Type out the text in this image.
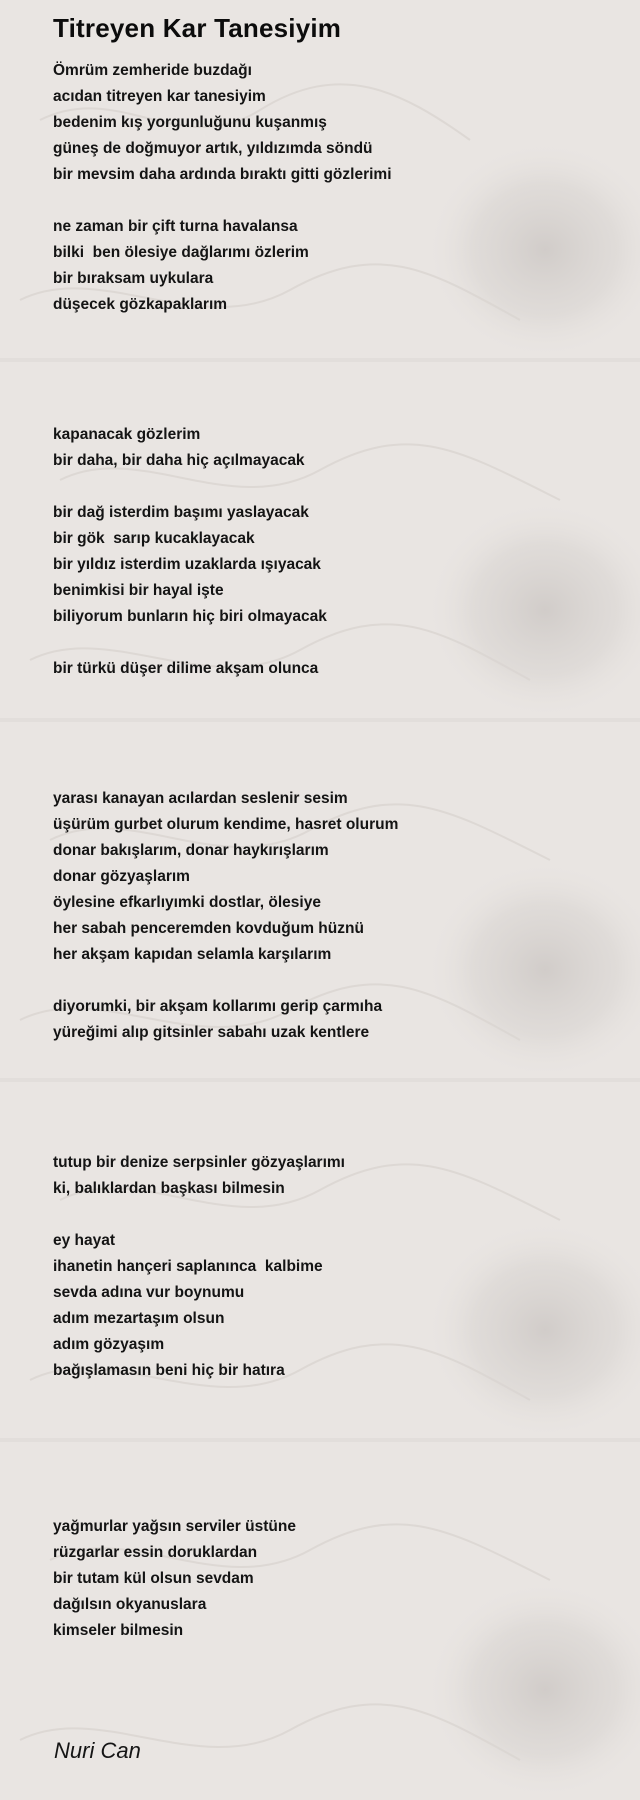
Titreyen Kar Tanesiyim
Ömrüm zemheride buzdağı
acıdan titreyen kar tanesiyim
bedenim kış yorgunluğunu kuşanmış
güneş de doğmuyor artık, yıldızımda söndü
bir mevsim daha ardında bıraktı gitti gözlerimi
ne zaman bir çift turna havalansa
bilki  ben ölesiye dağlarımı özlerim
bir bıraksam uykulara
düşecek gözkapaklarım
kapanacak gözlerim
bir daha, bir daha hiç açılmayacak
bir dağ isterdim başımı yaslayacak
bir gök  sarıp kucaklayacak
bir yıldız isterdim uzaklarda ışıyacak
benimkisi bir hayal işte
biliyorum bunların hiç biri olmayacak
bir türkü düşer dilime akşam olunca
yarası kanayan acılardan seslenir sesim
üşürüm gurbet olurum kendime, hasret olurum
donar bakışlarım, donar haykırışlarım
donar gözyaşlarım
öylesine efkarlıyımki dostlar, ölesiye
her sabah penceremden kovduğum hüznü
her akşam kapıdan selamla karşılarım
diyorumki, bir akşam kollarımı gerip çarmıha
yüreğimi alıp gitsinler sabahı uzak kentlere
tutup bir denize serpsinler gözyaşlarımı
ki, balıklardan başkası bilmesin
ey hayat
ihanetin hançeri saplanınca  kalbime
sevda adına vur boynumu
adım mezartaşım olsun
adım gözyaşım
bağışlamasın beni hiç bir hatıra
yağmurlar yağsın serviler üstüne
rüzgarlar essin doruklardan
bir tutam kül olsun sevdam
dağılsın okyanuslara
kimseler bilmesin
Nuri Can
